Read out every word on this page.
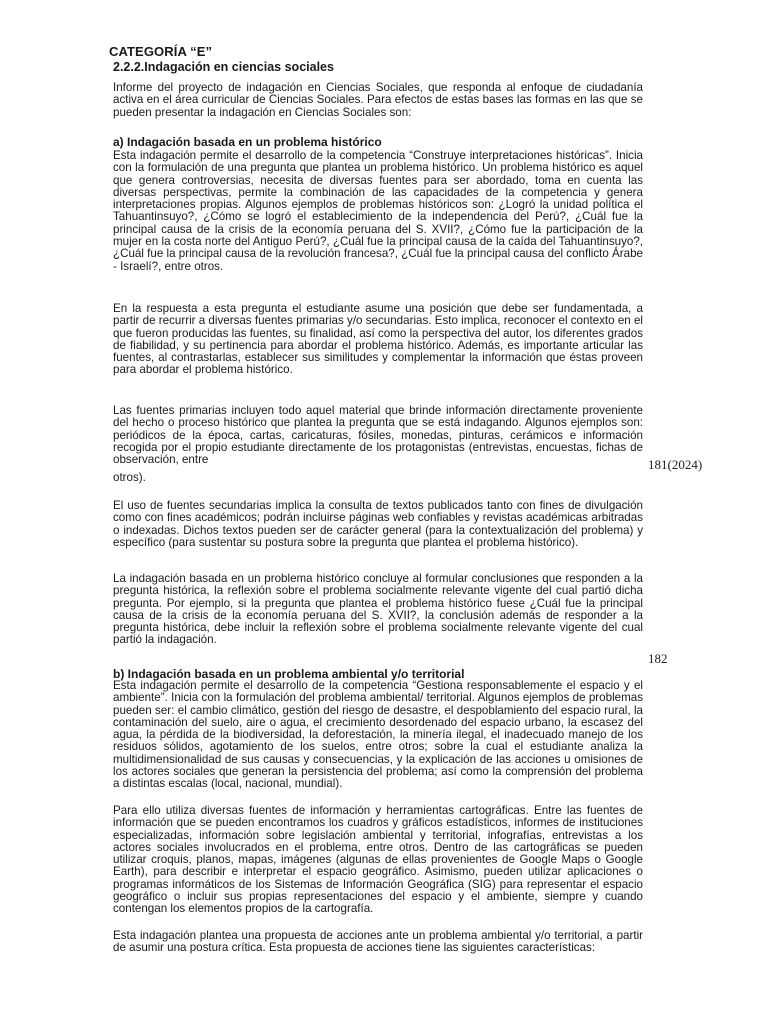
CATEGORÍA “E”
2.2.2.Indagación en ciencias sociales

Informe del proyecto de indagación en Ciencias Sociales, que responda al enfoque de ciudadanía activa en el área curricular de Ciencias Sociales. Para efectos de estas bases las formas en las que se pueden presentar la indagación en Ciencias Sociales son:

a) Indagación basada en un problema histórico

Esta indagación permite el desarrollo de la competencia “Construye interpretaciones históricas”. Inicia con la formulación de una pregunta que plantea un problema histórico. Un problema histórico es aquel que genera controversias, necesita de diversas fuentes para ser abordado, toma en cuenta las diversas perspectivas, permite la combinación de las capacidades de la competencia y genera interpretaciones propias. Algunos ejemplos de problemas históricos son: ¿Logró la unidad política el Tahuantinsuyo?, ¿Cómo se logró el establecimiento de la independencia del Perú?, ¿Cuál fue la principal causa de la crisis de la economía peruana del S. XVII?, ¿Cómo fue la participación de la mujer en la costa norte del Antiguo Perú?, ¿Cuál fue la principal causa de la caída del Tahuantinsuyo?, ¿Cuál fue la principal causa de la revolución francesa?, ¿Cuál fue la principal causa del conflicto Árabe - Israelí?, entre otros.

En la respuesta a esta pregunta el estudiante asume una posición que debe ser fundamentada, a partir de recurrir a diversas fuentes primarias y/o secundarias. Esto implica, reconocer el contexto en el que fueron producidas las fuentes, su finalidad, así como la perspectiva del autor, los diferentes grados de fiabilidad, y su pertinencia para abordar el problema histórico. Además, es importante articular las fuentes, al contrastarlas, establecer sus similitudes y complementar la información que éstas proveen para abordar el problema histórico.

Las fuentes primarias incluyen todo aquel material que brinde información directamente proveniente del hecho o proceso histórico que plantea la pregunta que se está indagando. Algunos ejemplos son: periódicos de la época, cartas, caricaturas, fósiles, monedas, pinturas, cerámicos e información recogida por el propio estudiante directamente de los protagonistas (entrevistas, encuestas, fichas de observación, entre

otros).

El uso de fuentes secundarias implica la consulta de textos publicados tanto con fines de divulgación como con fines académicos; podrán incluirse páginas web confiables y revistas académicas arbitradas o indexadas. Dichos textos pueden ser de carácter general (para la contextualización del problema) y específico (para sustentar su postura sobre la pregunta que plantea el problema histórico).

La indagación basada en un problema histórico concluye al formular conclusiones que responden a la pregunta histórica, la reflexión sobre el problema socialmente relevante vigente del cual partió dicha pregunta. Por ejemplo, si la pregunta que plantea el problema histórico fuese ¿Cuál fue la principal causa de la crisis de la economía peruana del S. XVII?, la conclusión además de responder a la pregunta histórica, debe incluir la reflexión sobre el problema socialmente relevante vigente del cual partió la indagación.

b) Indagación basada en un problema ambiental y/o territorial

Esta indagación permite el desarrollo de la competencia “Gestiona responsablemente el espacio y el ambiente”. Inicia con la formulación del problema ambiental/ territorial. Algunos ejemplos de problemas pueden ser: el cambio climático, gestión del riesgo de desastre, el despoblamiento del espacio rural, la contaminación del suelo, aire o agua, el crecimiento desordenado del espacio urbano, la escasez del agua, la pérdida de la biodiversidad, la deforestación, la minería ilegal, el inadecuado manejo de los residuos sólidos, agotamiento de los suelos, entre otros; sobre la cual el estudiante analiza la multidimensionalidad de sus causas y consecuencias, y la explicación de las acciones u omisiones de los actores sociales que generan la persistencia del problema; así como la comprensión del problema a distintas escalas (local, nacional, mundial).

Para ello utiliza diversas fuentes de información y herramientas cartográficas. Entre las fuentes de información que se pueden encontramos los cuadros y gráficos estadísticos, informes de instituciones especializadas, información sobre legislación ambiental y territorial, infografías, entrevistas a los actores sociales involucrados en el problema, entre otros. Dentro de las cartográficas se pueden utilizar croquis, planos, mapas, imágenes (algunas de ellas provenientes de Google Maps o Google Earth), para describir e interpretar el espacio geográfico. Asimismo, pueden utilizar aplicaciones o programas informáticos de los Sistemas de Información Geográfica (SIG) para representar el espacio geográfico o incluir sus propias representaciones del espacio y el ambiente, siempre y cuando contengan los elementos propios de la cartografía.

Esta indagación plantea una propuesta de acciones ante un problema ambiental y/o territorial, a partir de asumir una postura crítica. Esta propuesta de acciones tiene las siguientes características:

181(2024)
182
